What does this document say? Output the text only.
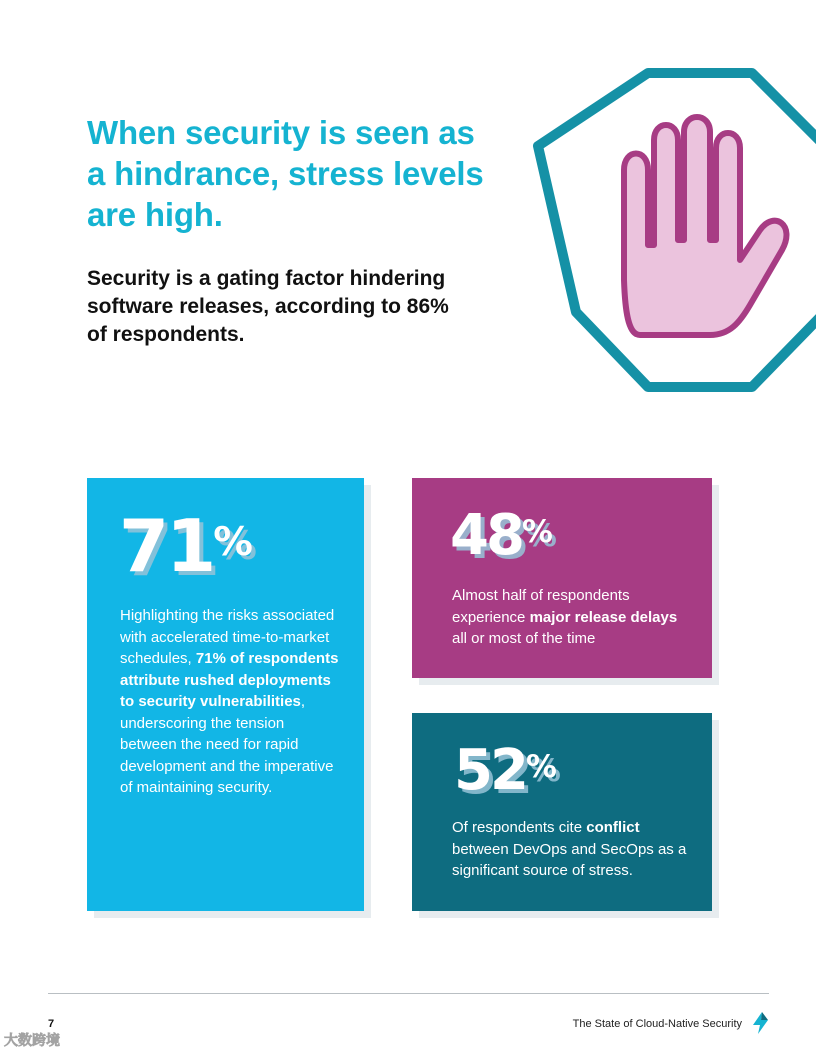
When security is seen as a hindrance, stress levels are high.

Security is a gating factor hindering software releases, according to 86% of respondents.

71%

Highlighting the risks associated with accelerated time-to-market schedules, 71% of respondents attribute rushed deployments to security vulnerabilities, underscoring the tension between the need for rapid development and the imperative of maintaining security.

48%

Almost half of respondents experience major release delays all or most of the time

52%

Of respondents cite conflict between DevOps and SecOps as a significant source of stress.

7	The State of Cloud-Native Security
大数跨境
